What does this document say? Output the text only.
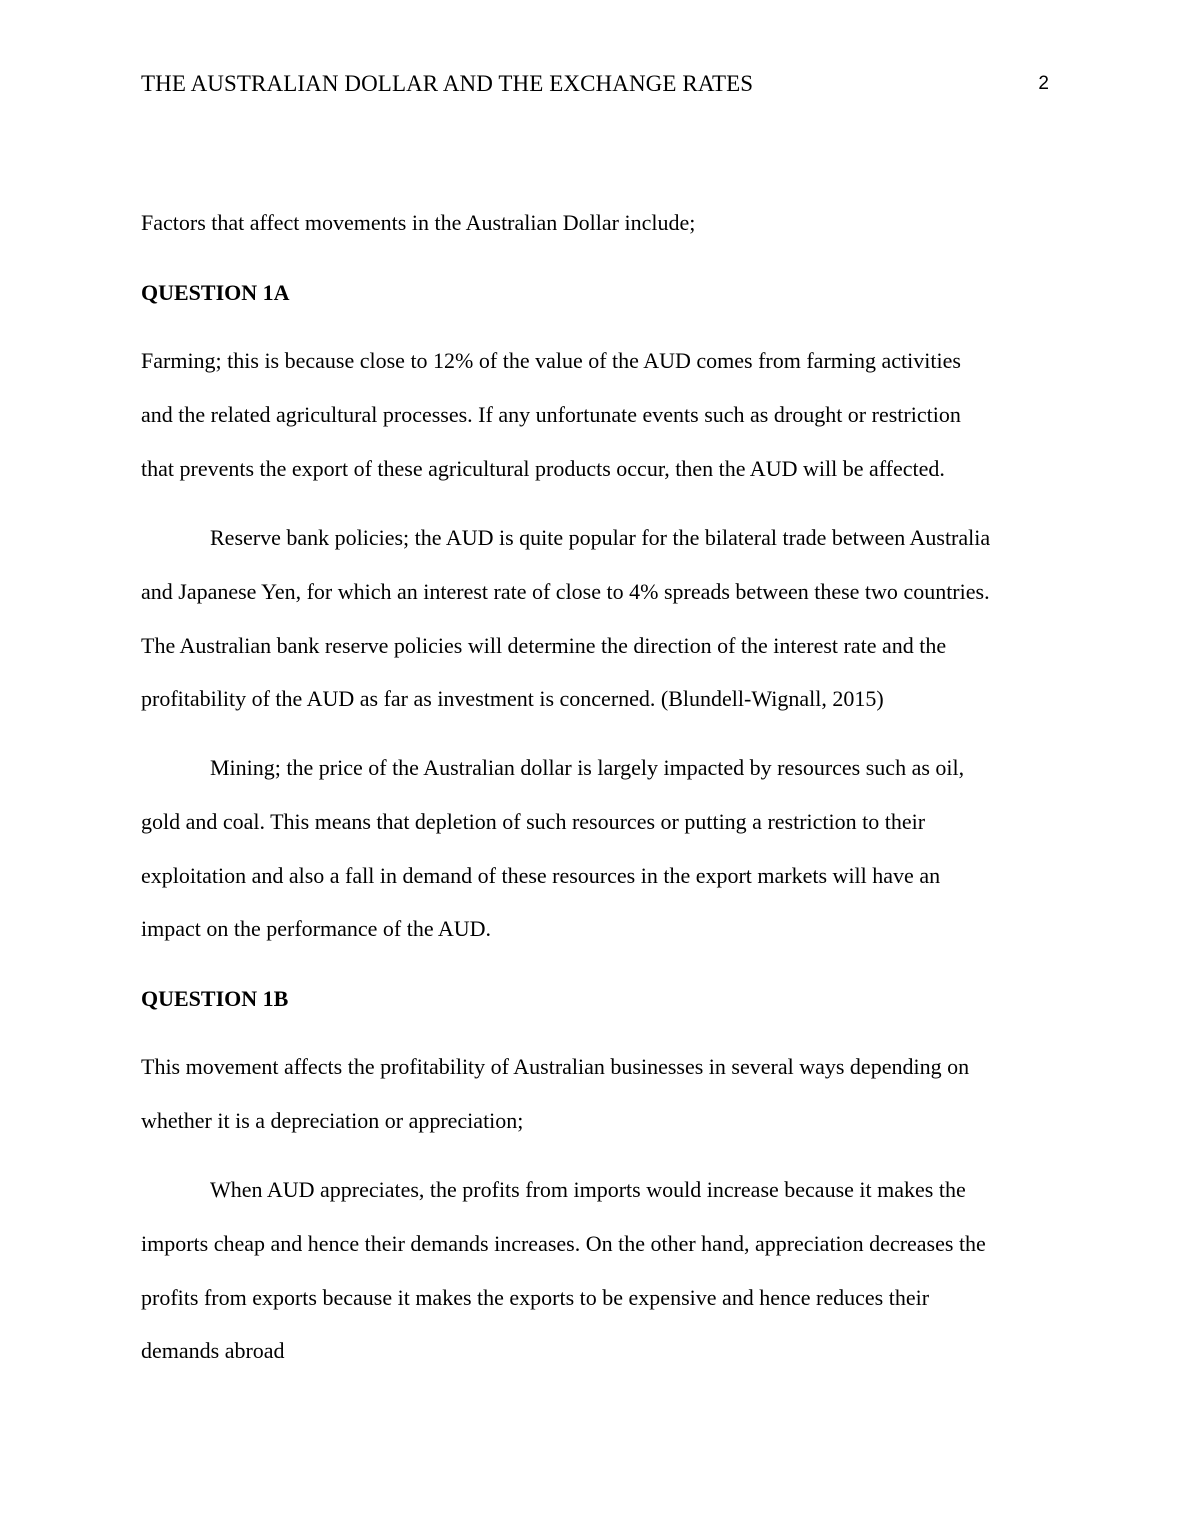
THE AUSTRALIAN DOLLAR AND THE EXCHANGE RATES	2

Factors that affect movements in the Australian Dollar include;

QUESTION 1A

Farming; this is because close to 12% of the value of the AUD comes from farming activities
and the related agricultural processes. If any unfortunate events such as drought or restriction
that prevents the export of these agricultural products occur, then the AUD will be affected.

Reserve bank policies; the AUD is quite popular for the bilateral trade between Australia
and Japanese Yen, for which an interest rate of close to 4% spreads between these two countries.
The Australian bank reserve policies will determine the direction of the interest rate and the
profitability of the AUD as far as investment is concerned. (Blundell-Wignall, 2015)

Mining; the price of the Australian dollar is largely impacted by resources such as oil,
gold and coal. This means that depletion of such resources or putting a restriction to their
exploitation and also a fall in demand of these resources in the export markets will have an
impact on the performance of the AUD.

QUESTION 1B

This movement affects the profitability of Australian businesses in several ways depending on
whether it is a depreciation or appreciation;

When AUD appreciates, the profits from imports would increase because it makes the
imports cheap and hence their demands increases. On the other hand, appreciation decreases the
profits from exports because it makes the exports to be expensive and hence reduces their
demands abroad
